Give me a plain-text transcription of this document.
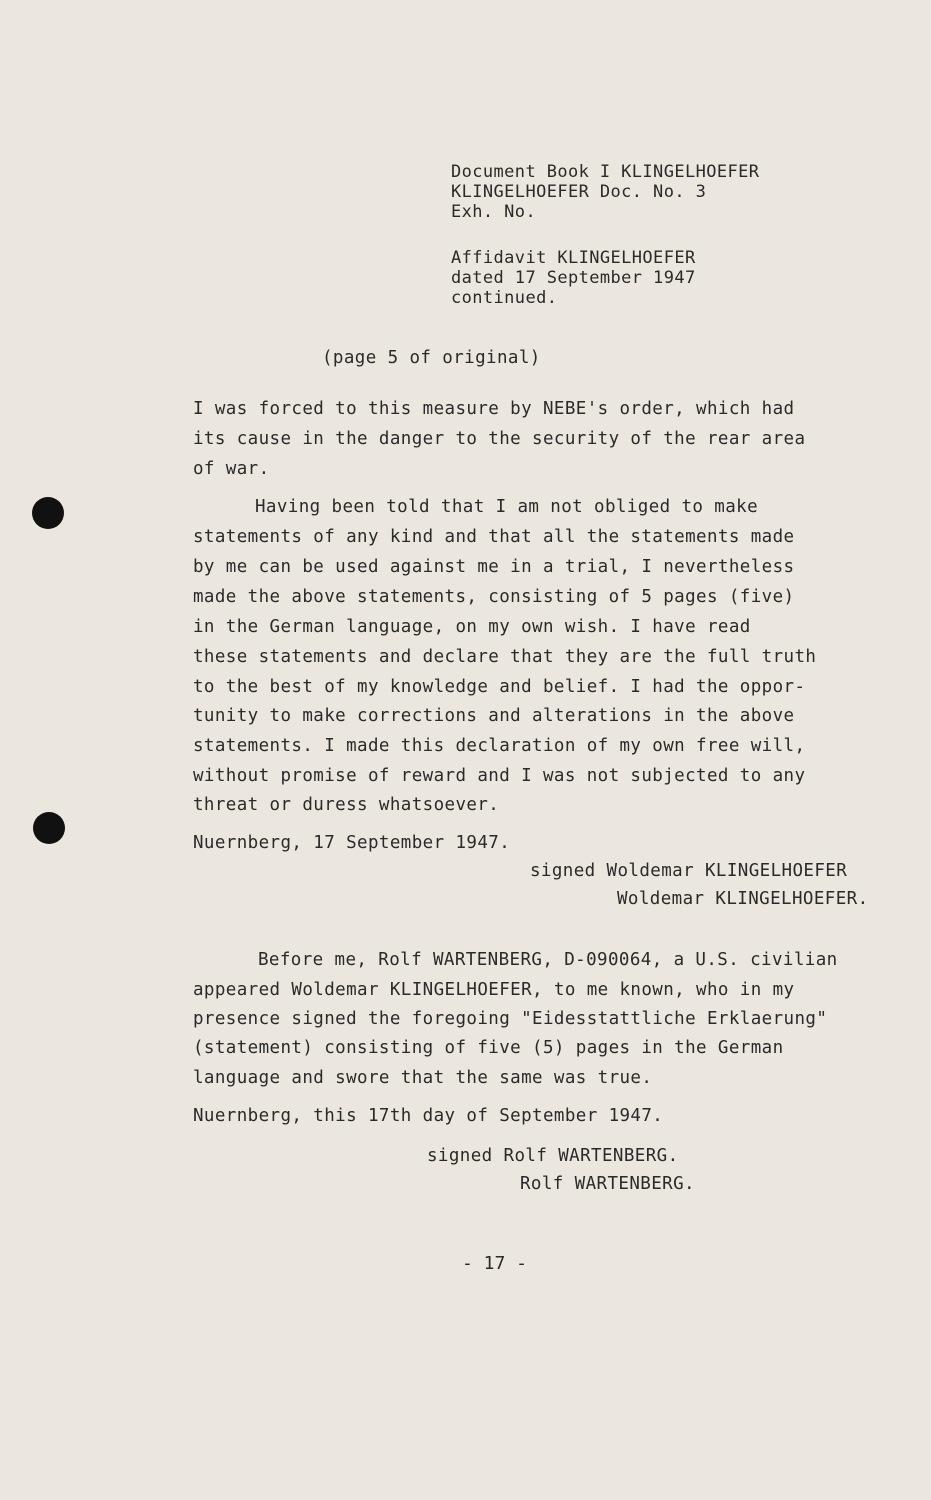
Document Book I KLINGELHOEFER
KLINGELHOEFER Doc. No. 3
Exh. No.
Affidavit KLINGELHOEFER
dated 17 September 1947
continued.
(page 5 of original)
I was forced to this measure by NEBE's order, which had
its cause in the danger to the security of the rear area
of war.
Having been told that I am not obliged to make
statements of any kind and that all the statements made
by me can be used against me in a trial, I nevertheless
made the above statements, consisting of 5 pages (five)
in the German language, on my own wish. I have read
these statements and declare that they are the full truth
to the best of my knowledge and belief. I had the oppor-
tunity to make corrections and alterations in the above
statements. I made this declaration of my own free will,
without promise of reward and I was not subjected to any
threat or duress whatsoever.
Nuernberg, 17 September 1947.
signed Woldemar KLINGELHOEFER
Woldemar KLINGELHOEFER.
Before me, Rolf WARTENBERG, D-090064, a U.S. civilian
appeared Woldemar KLINGELHOEFER, to me known, who in my
presence signed the foregoing "Eidesstattliche Erklaerung"
(statement) consisting of five (5) pages in the German
language and swore that the same was true.
Nuernberg, this 17th day of September 1947.
signed Rolf WARTENBERG.
Rolf WARTENBERG.
- 17 -
